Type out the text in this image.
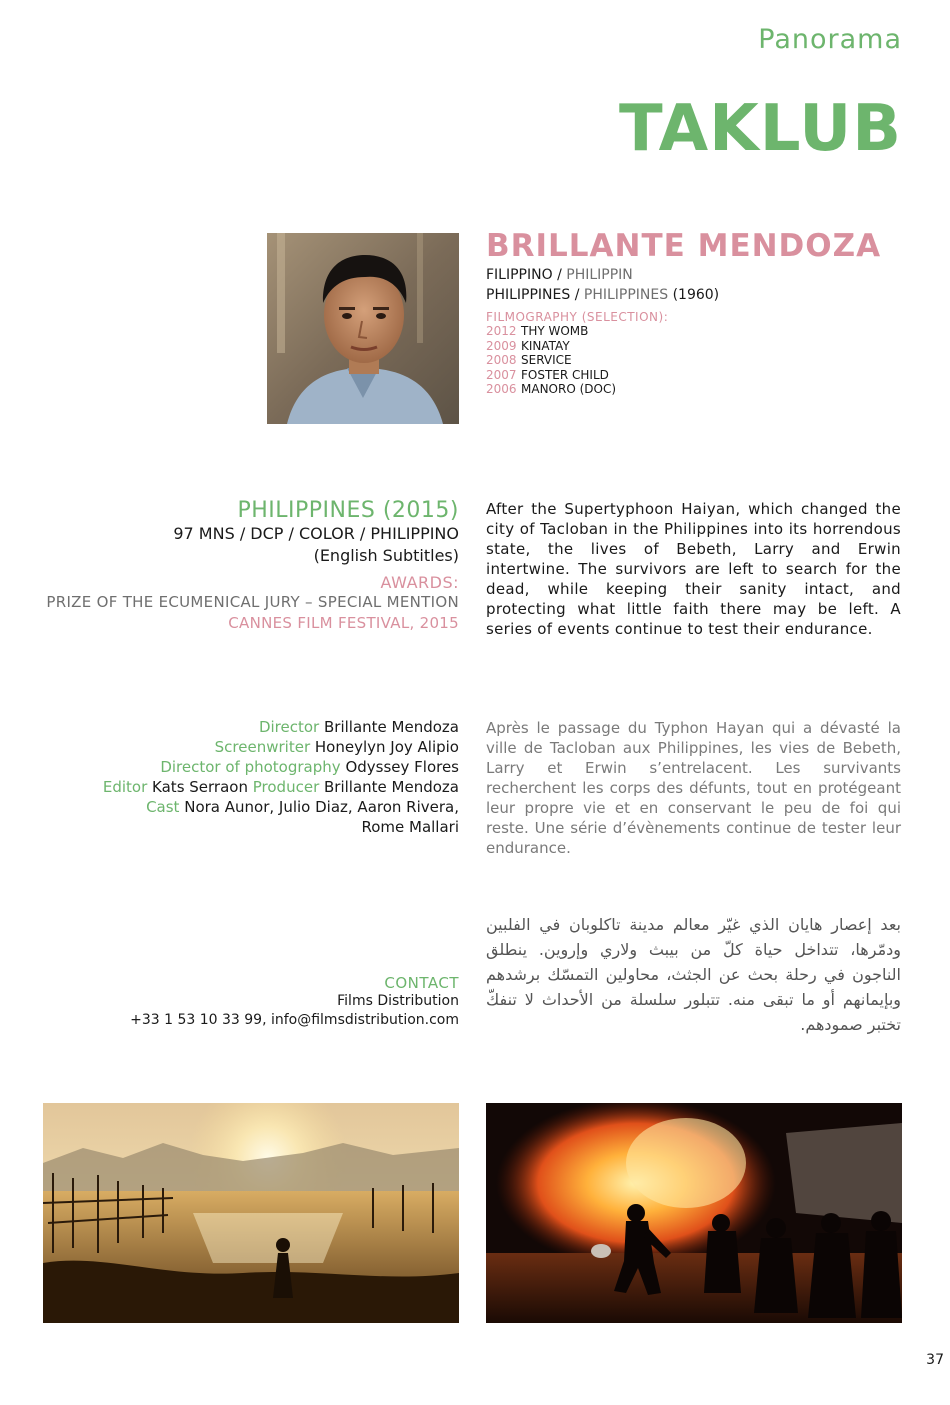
Panorama
TAKLUB
BRILLANTE MENDOZA
FILIPPINO / PHILIPPIN
PHILIPPINES / PHILIPPINES (1960)
FILMOGRAPHY (SELECTION):
2012 THY WOMB
2009 KINATAY
2008 SERVICE
2007 FOSTER CHILD
2006 MANORO (DOC)
PHILIPPINES (2015)
97 MNS / DCP / COLOR / PHILIPPINO
(English Subtitles)
AWARDS:
PRIZE OF THE ECUMENICAL JURY – SPECIAL MENTION
CANNES FILM FESTIVAL, 2015
After the Supertyphoon Haiyan, which changed the city of Tacloban in the Philippines into its horrendous state, the lives of Bebeth, Larry and Erwin intertwine. The survivors are left to search for the dead, while keeping their sanity intact, and protecting what little faith there may be left. A series of events continue to test their endurance.
Après le passage du Typhon Hayan qui a dévasté la ville de Tacloban aux Philippines, les vies de Bebeth, Larry et Erwin s’entrelacent. Les survivants recherchent les corps des défunts, tout en protégeant leur propre vie et en conservant le peu de foi qui reste. Une série d’évènements continue de tester leur endurance.
بعد إعصار هايان الذي غيّر معالم مدينة تاكلوبان في الفلبين ودمّرها، تتداخل حياة كلّ من بيبث ولاري وإروين. ينطلق الناجون في رحلة بحث عن الجثث، محاولين التمسّك برشدهم وبإيمانهم أو ما تبقى منه. تتبلور سلسلة من الأحداث لا تنفكّ تختبر صمودهم.
Director Brillante Mendoza
Screenwriter Honeylyn Joy Alipio
Director of photography Odyssey Flores
Editor Kats Serraon Producer Brillante Mendoza
Cast Nora Aunor, Julio Diaz, Aaron Rivera,
Rome Mallari
CONTACT
Films Distribution
+33 1 53 10 33 99, info@filmsdistribution.com
37
